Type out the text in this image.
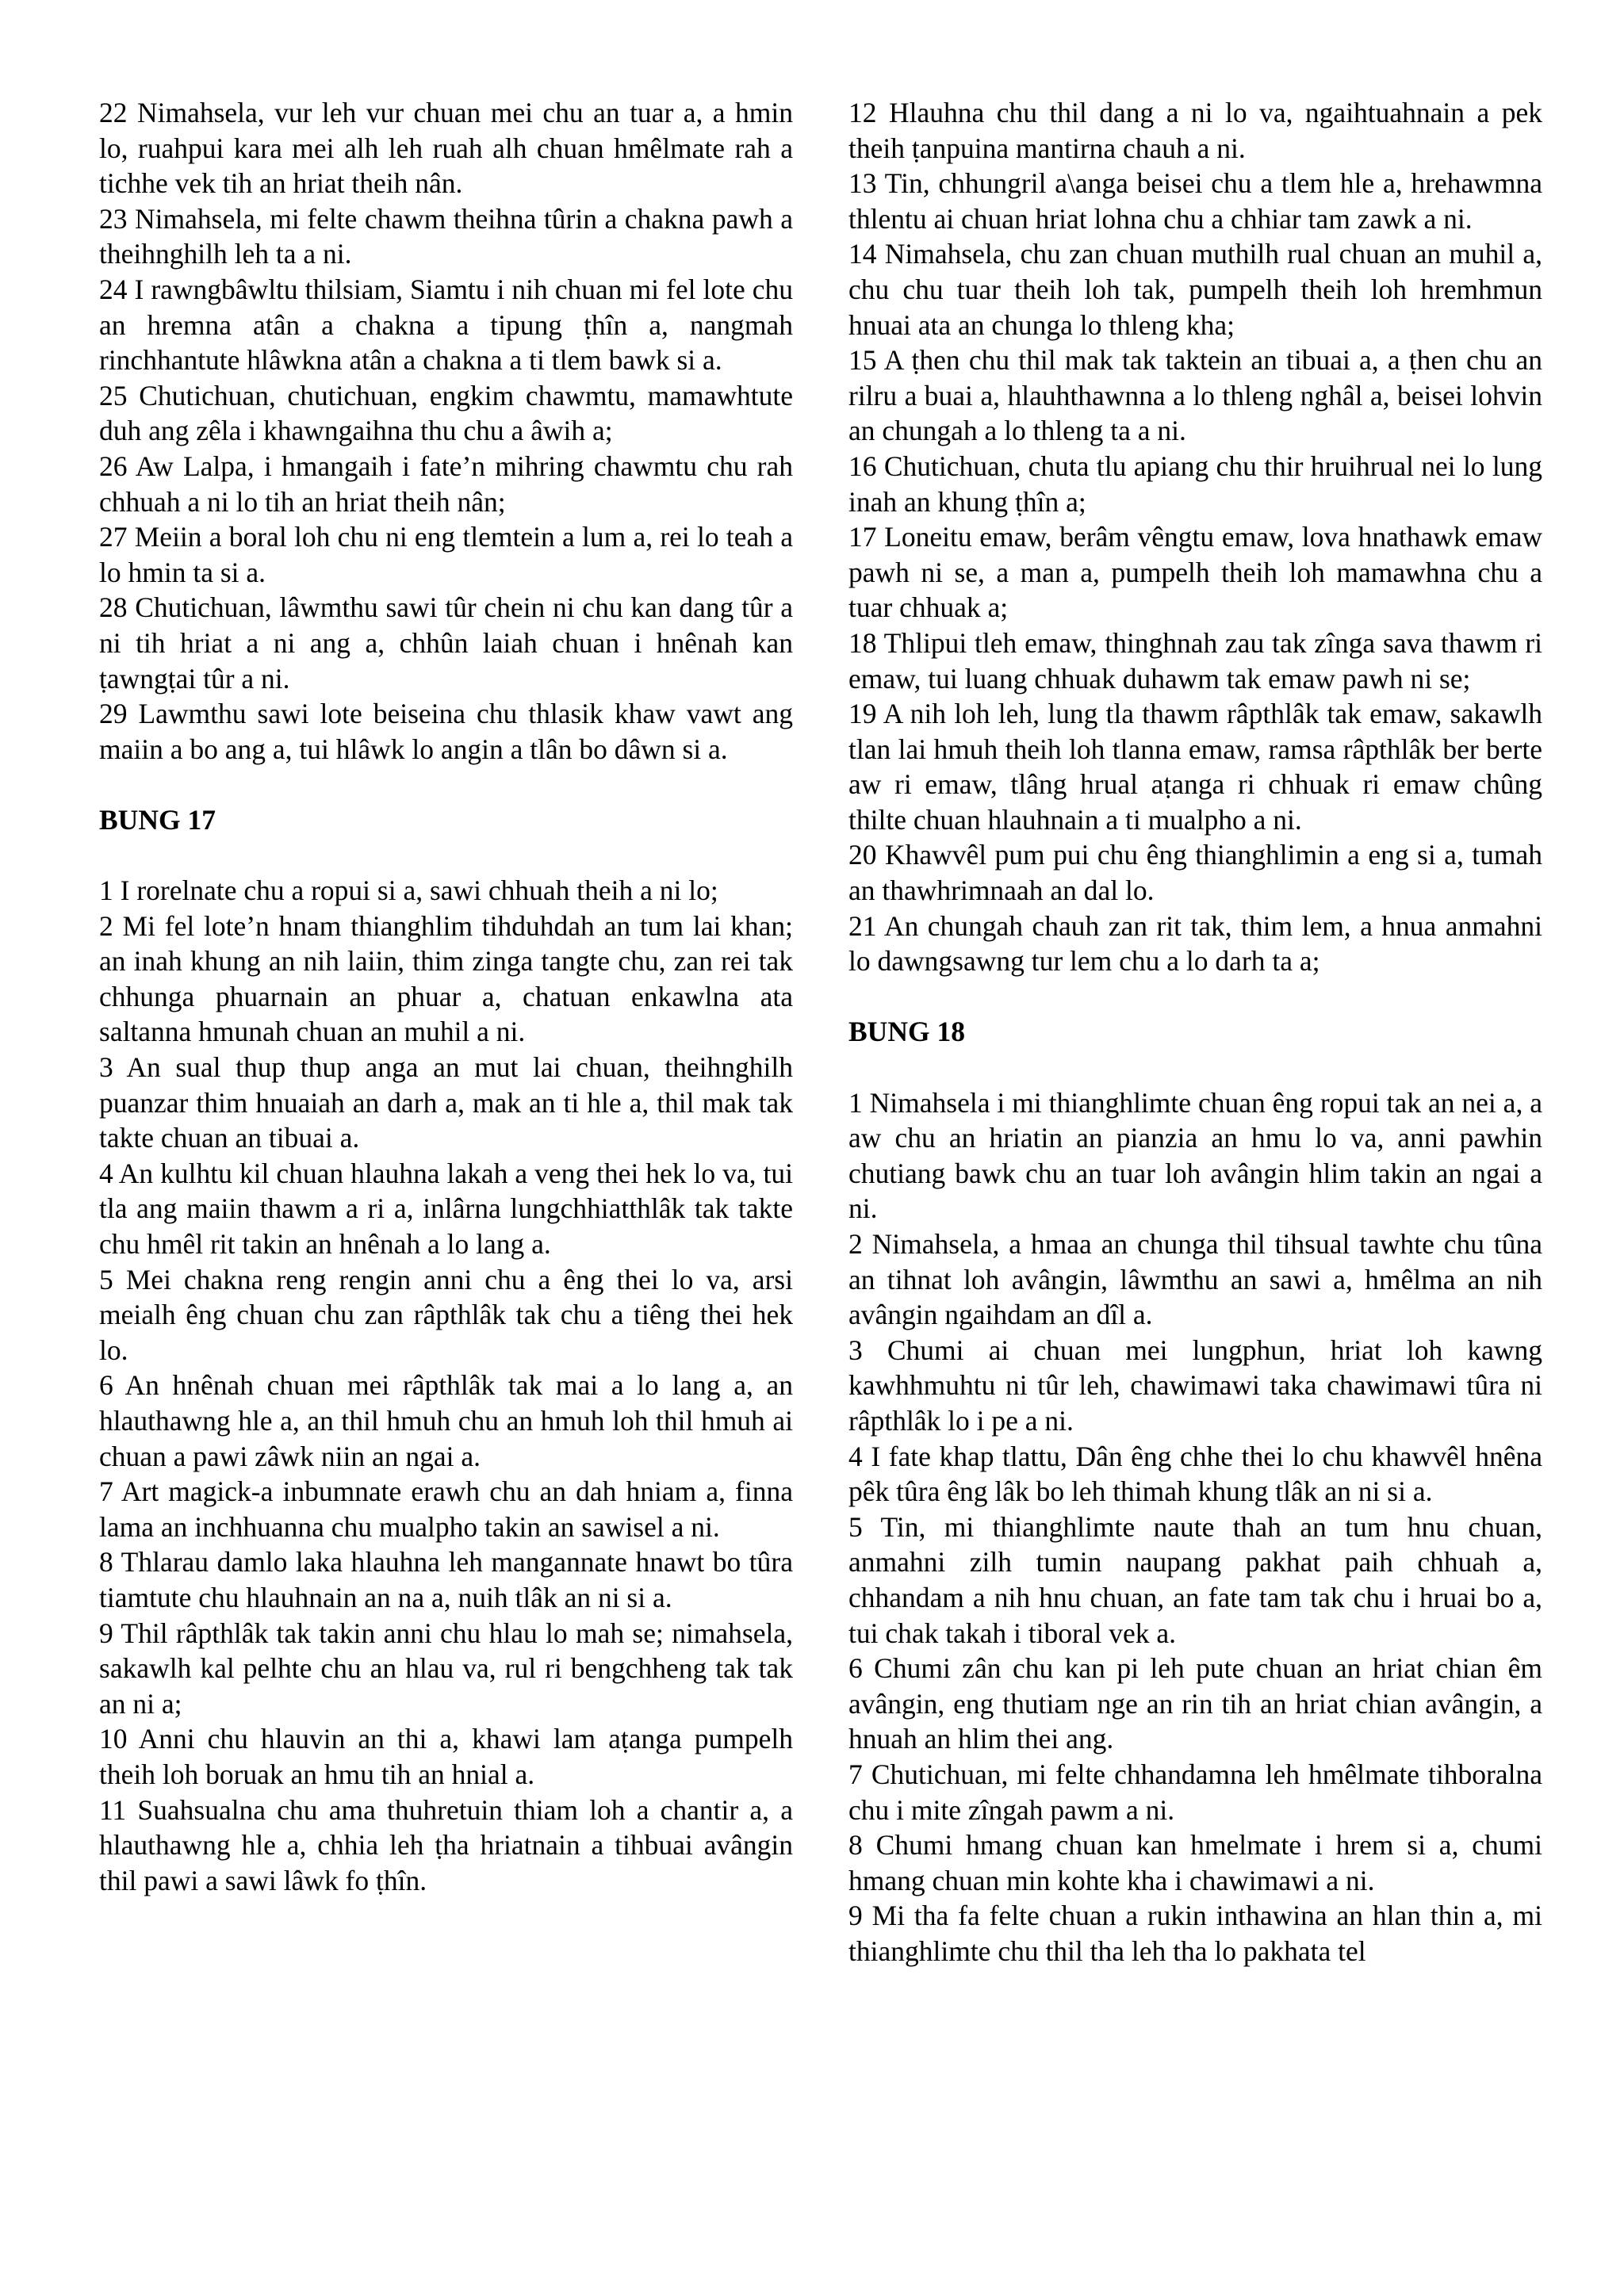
22 Nimahsela, vur leh vur chuan mei chu an tuar a, a hmin lo, ruahpui kara mei alh leh ruah alh chuan hmêlmate rah a tichhe vek tih an hriat theih nân.

23 Nimahsela, mi felte chawm theihna tûrin a chakna pawh a theihnghilh leh ta a ni.

24 I rawngbâwltu thilsiam, Siamtu i nih chuan mi fel lote chu an hremna atân a chakna a tipung ṭhîn a, nangmah rinchhantute hlâwkna atân a chakna a ti tlem bawk si a.

25 Chutichuan, chutichuan, engkim chawmtu, mamawhtute duh ang zêla i khawngaihna thu chu a âwih a;

26 Aw Lalpa, i hmangaih i fate’n mihring chawmtu chu rah chhuah a ni lo tih an hriat theih nân;

27 Meiin a boral loh chu ni eng tlemtein a lum a, rei lo teah a lo hmin ta si a.

28 Chutichuan, lâwmthu sawi tûr chein ni chu kan dang tûr a ni tih hriat a ni ang a, chhûn laiah chuan i hnênah kan ṭawngṭai tûr a ni.

29 Lawmthu sawi lote beiseina chu thlasik khaw vawt ang maiin a bo ang a, tui hlâwk lo angin a tlân bo dâwn si a.

BUNG 17

1 I rorelnate chu a ropui si a, sawi chhuah theih a ni lo;

2 Mi fel lote’n hnam thianghlim tihduhdah an tum lai khan; an inah khung an nih laiin, thim zinga tangte chu, zan rei tak chhunga phuarnain an phuar a, chatuan enkawlna ata saltanna hmunah chuan an muhil a ni.

3 An sual thup thup anga an mut lai chuan, theihnghilh puanzar thim hnuaiah an darh a, mak an ti hle a, thil mak tak takte chuan an tibuai a.

4 An kulhtu kil chuan hlauhna lakah a veng thei hek lo va, tui tla ang maiin thawm a ri a, inlârna lungchhiatthlâk tak takte chu hmêl rit takin an hnênah a lo lang a.

5 Mei chakna reng rengin anni chu a êng thei lo va, arsi meialh êng chuan chu zan râpthlâk tak chu a tiêng thei hek lo.

6 An hnênah chuan mei râpthlâk tak mai a lo lang a, an hlauthawng hle a, an thil hmuh chu an hmuh loh thil hmuh ai chuan a pawi zâwk niin an ngai a.

7 Art magick-a inbumnate erawh chu an dah hniam a, finna lama an inchhuanna chu mualpho takin an sawisel a ni.

8 Thlarau damlo laka hlauhna leh mangannate hnawt bo tûra tiamtute chu hlauhnain an na a, nuih tlâk an ni si a.

9 Thil râpthlâk tak takin anni chu hlau lo mah se; nimahsela, sakawlh kal pelhte chu an hlau va, rul ri bengchheng tak tak an ni a;

10 Anni chu hlauvin an thi a, khawi lam aṭanga pumpelh theih loh boruak an hmu tih an hnial a.

11 Suahsualna chu ama thuhretuin thiam loh a chantir a, a hlauthawng hle a, chhia leh ṭha hriatnain a tihbuai avângin thil pawi a sawi lâwk fo ṭhîn.

12 Hlauhna chu thil dang a ni lo va, ngaihtuahnain a pek theih ṭanpuina mantirna chauh a ni.

13 Tin, chhungril a\anga beisei chu a tlem hle a, hrehawmna thlentu ai chuan hriat lohna chu a chhiar tam zawk a ni.

14 Nimahsela, chu zan chuan muthilh rual chuan an muhil a, chu chu tuar theih loh tak, pumpelh theih loh hremhmun hnuai ata an chunga lo thleng kha;

15 A ṭhen chu thil mak tak taktein an tibuai a, a ṭhen chu an rilru a buai a, hlauhthawnna a lo thleng nghâl a, beisei lohvin an chungah a lo thleng ta a ni.

16 Chutichuan, chuta tlu apiang chu thir hruihrual nei lo lung inah an khung ṭhîn a;

17 Loneitu emaw, berâm vêngtu emaw, lova hnathawk emaw pawh ni se, a man a, pumpelh theih loh mamawhna chu a tuar chhuak a;

18 Thlipui tleh emaw, thinghnah zau tak zînga sava thawm ri emaw, tui luang chhuak duhawm tak emaw pawh ni se;

19 A nih loh leh, lung tla thawm râpthlâk tak emaw, sakawlh tlan lai hmuh theih loh tlanna emaw, ramsa râpthlâk ber berte aw ri emaw, tlâng hrual aṭanga ri chhuak ri emaw chûng thilte chuan hlauhnain a ti mualpho a ni.

20 Khawvêl pum pui chu êng thianghlimin a eng si a, tumah an thawhrimnaah an dal lo.

21 An chungah chauh zan rit tak, thim lem, a hnua anmahni lo dawngsawng tur lem chu a lo darh ta a;

BUNG 18

1 Nimahsela i mi thianghlimte chuan êng ropui tak an nei a, a aw chu an hriatin an pianzia an hmu lo va, anni pawhin chutiang bawk chu an tuar loh avângin hlim takin an ngai a ni.

2 Nimahsela, a hmaa an chunga thil tihsual tawhte chu tûna an tihnat loh avângin, lâwmthu an sawi a, hmêlma an nih avângin ngaihdam an dîl a.

3 Chumi ai chuan mei lungphun, hriat loh kawng kawhhmuhtu ni tûr leh, chawimawi taka chawimawi tûra ni râpthlâk lo i pe a ni.

4 I fate khap tlattu, Dân êng chhe thei lo chu khawvêl hnêna pêk tûra êng lâk bo leh thimah khung tlâk an ni si a.

5 Tin, mi thianghlimte naute thah an tum hnu chuan, anmahni zilh tumin naupang pakhat paih chhuah a, chhandam a nih hnu chuan, an fate tam tak chu i hruai bo a, tui chak takah i tiboral vek a.

6 Chumi zân chu kan pi leh pute chuan an hriat chian êm avângin, eng thutiam nge an rin tih an hriat chian avângin, a hnuah an hlim thei ang.

7 Chutichuan, mi felte chhandamna leh hmêlmate tihboralna chu i mite zîngah pawm a ni.

8 Chumi hmang chuan kan hmelmate i hrem si a, chumi hmang chuan min kohte kha i chawimawi a ni.

9 Mi tha fa felte chuan a rukin inthawina an hlan thin a, mi thianghlimte chu thil tha leh tha lo pakhata tel
